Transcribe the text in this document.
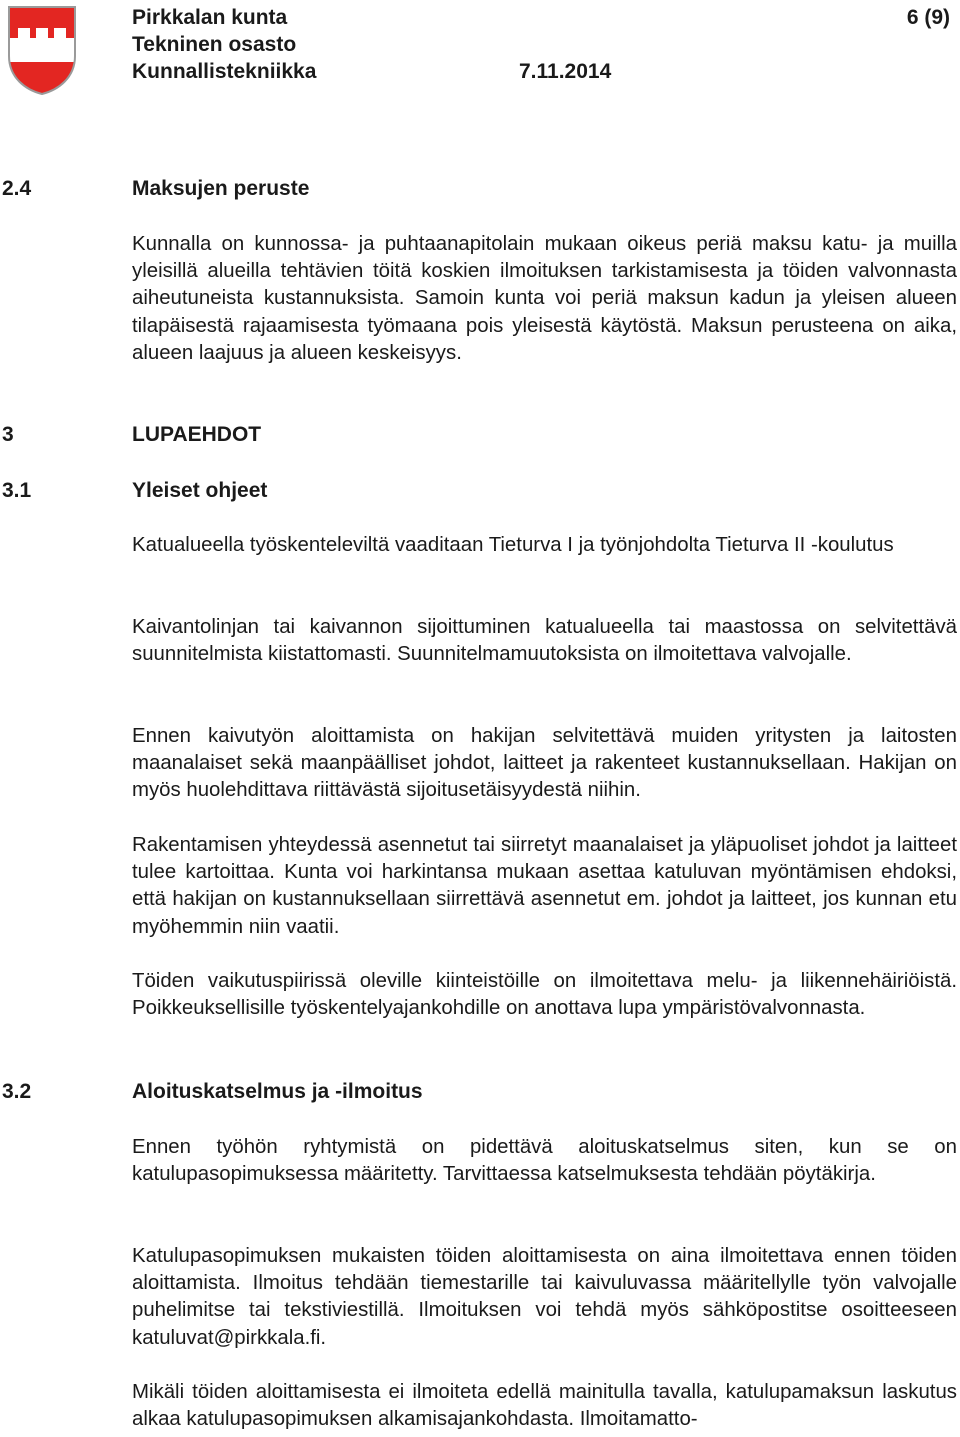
Pirkkalan kunta
Tekninen osasto
Kunnallistekniikka	7.11.2014
6 (9)
2.4	Maksujen peruste

Kunnalla on kunnossa- ja puhtaanapitolain mukaan oikeus periä maksu katu- ja muilla yleisillä alueilla tehtävien töitä koskien ilmoituksen tarkistamisesta ja töiden valvonnasta aiheutuneista kustannuksista. Samoin kunta voi periä maksun kadun ja yleisen alueen tilapäisestä rajaamisesta työmaana pois yleisestä käytöstä. Maksun perusteena on aika, alueen laajuus ja alueen keskeisyys.

3	LUPAEHDOT
3.1	Yleiset ohjeet

Katualueella työskenteleviltä vaaditaan Tieturva I ja työnjohdolta Tieturva II -koulutus

Kaivantolinjan tai kaivannon sijoittuminen katualueella tai maastossa on selvitettävä suunnitelmista kiistattomasti. Suunnitelmamuutoksista on ilmoitettava valvojalle.

Ennen kaivutyön aloittamista on hakijan selvitettävä muiden yritysten ja laitosten maanalaiset sekä maanpäälliset johdot, laitteet ja rakenteet kustannuksellaan. Hakijan on myös huolehdittava riittävästä sijoitusetäisyydestä niihin.

Rakentamisen yhteydessä asennetut tai siirretyt maanalaiset ja yläpuoliset johdot ja laitteet tulee kartoittaa. Kunta voi harkintansa mukaan asettaa katuluvan myöntämisen ehdoksi, että hakijan on kustannuksellaan siirrettävä asennetut em. johdot ja laitteet, jos kunnan etu myöhemmin niin vaatii.

Töiden vaikutuspiirissä oleville kiinteistöille on ilmoitettava melu- ja liikennehäiriöistä. Poikkeuksellisille työskentelyajankohdille on anottava lupa ympäristövalvonnasta.

3.2	Aloituskatselmus ja -ilmoitus

Ennen työhön ryhtymistä on pidettävä aloituskatselmus siten, kun se on katulupasopimuksessa määritetty. Tarvittaessa katselmuksesta tehdään pöytäkirja.

Katulupasopimuksen mukaisten töiden aloittamisesta on aina ilmoitettava ennen töiden aloittamista. Ilmoitus tehdään tiemestarille tai kaivuluvassa määritellylle työn valvojalle puhelimitse tai tekstiviestillä. Ilmoituksen voi tehdä myös sähköpostitse osoitteeseen katuluvat@pirkkala.fi.

Mikäli töiden aloittamisesta ei ilmoiteta edellä mainitulla tavalla, katulupamaksun laskutus alkaa katulupasopimuksen alkamisajankohdasta. Ilmoitamatto-
